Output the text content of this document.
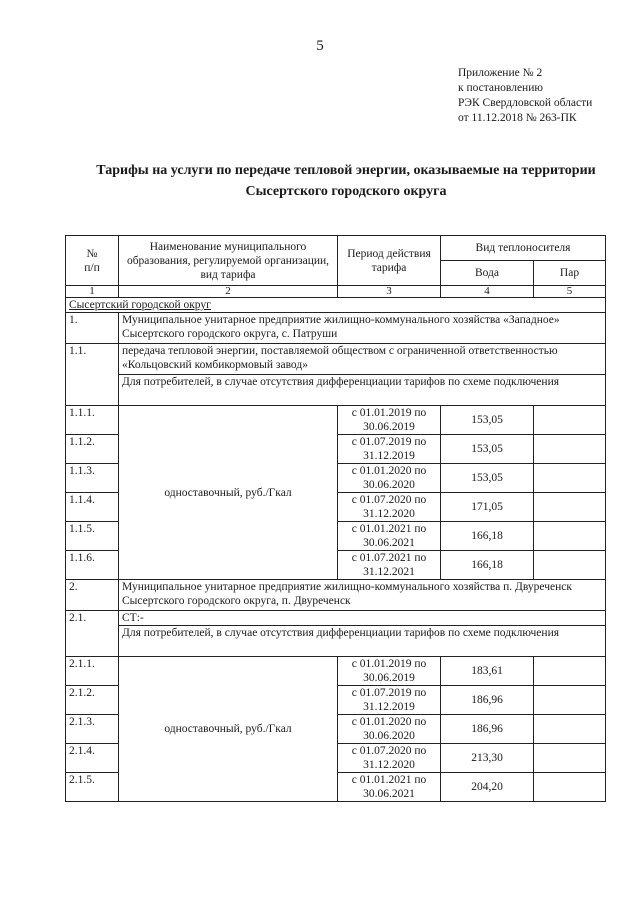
5
Приложение № 2
к постановлению
РЭК Свердловской области
от 11.12.2018 № 263-ПК
Тарифы на услуги по передаче тепловой энергии, оказываемые на территории
Сысертского городского округа
№
п/п	Наименование муниципального образования, регулируемой организации, вид тарифа	Период действия тарифа	Вид теплоносителя	
			Вода	Пар
1	2	3	4	5
Сысертский городской округ				
1.	Муниципальное унитарное предприятие жилищно-коммунального хозяйства «Западное» Сысертского городского округа, с. Патруши			
1.1.	передача тепловой энергии, поставляемой обществом с ограниченной ответственностью «Кольцовский комбикормовый завод»			
	Для потребителей, в случае отсутствия дифференциации тарифов по схеме подключения			
1.1.1.	одноставочный, руб./Гкал	с 01.01.2019 по 30.06.2019	153,05	
1.1.2.		с 01.07.2019 по 31.12.2019	153,05	
1.1.3.		с 01.01.2020 по 30.06.2020	153,05	
1.1.4.		с 01.07.2020 по 31.12.2020	171,05	
1.1.5.		с 01.01.2021 по 30.06.2021	166,18	
1.1.6.		с 01.07.2021 по 31.12.2021	166,18	
2.	Муниципальное унитарное предприятие жилищно-коммунального хозяйства п. Двуреченск Сысертского городского округа, п. Двуреченск			
2.1.	СТ:-			
	Для потребителей, в случае отсутствия дифференциации тарифов по схеме подключения			
2.1.1.	одноставочный, руб./Гкал	с 01.01.2019 по 30.06.2019	183,61	
2.1.2.		с 01.07.2019 по 31.12.2019	186,96	
2.1.3.		с 01.01.2020 по 30.06.2020	186,96	
2.1.4.		с 01.07.2020 по 31.12.2020	213,30	
2.1.5.		с 01.01.2021 по 30.06.2021	204,20	
